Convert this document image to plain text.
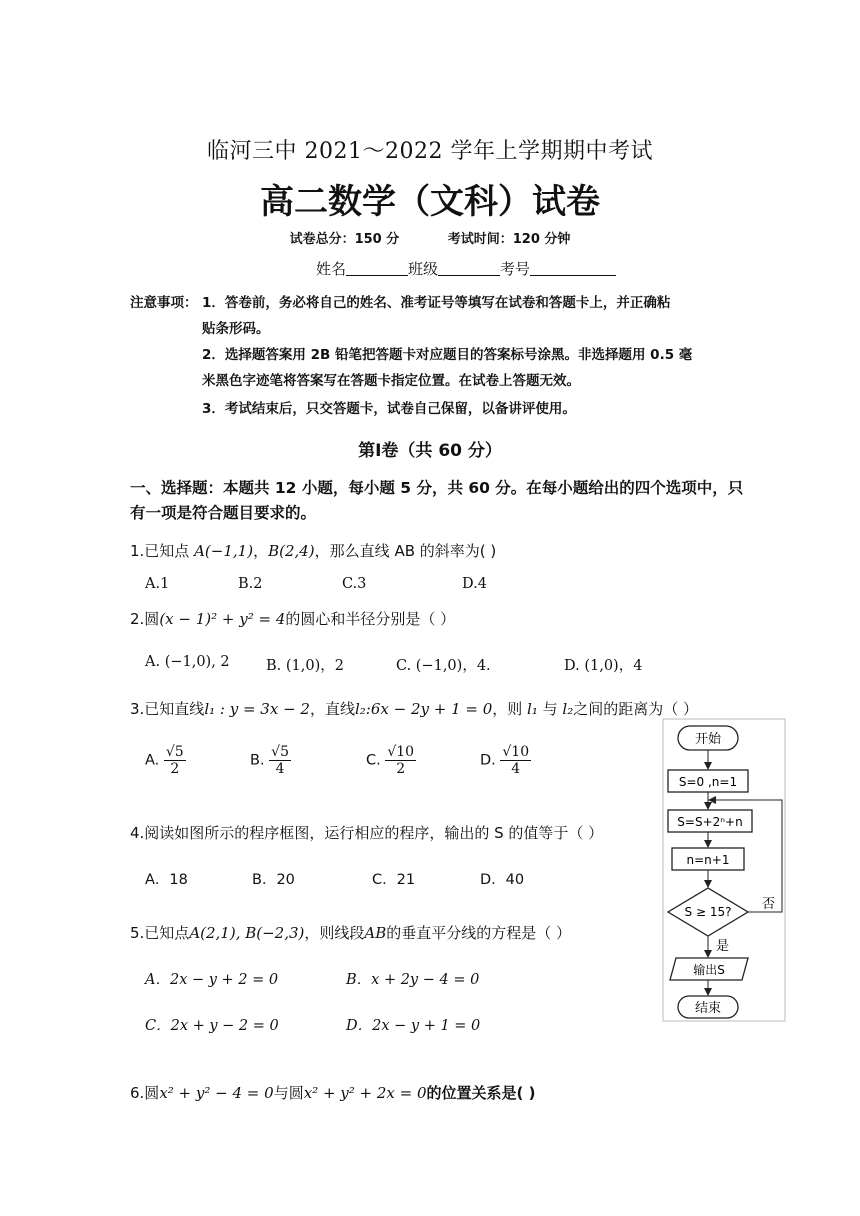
临河三中 2021～2022 学年上学期期中考试
高二数学（文科）试卷
试卷总分：150 分	考试时间：120 分钟
姓名	班级	考号
注意事项： 1．答卷前，务必将自己的姓名、准考证号等填写在试卷和答题卡上，并正确粘
贴条形码。
2．选择题答案用 2B 铅笔把答题卡对应题目的答案标号涂黑。非选择题用 0.5 毫
米黑色字迹笔将答案写在答题卡指定位置。在试卷上答题无效。
3．考试结束后，只交答题卡，试卷自己保留，以备讲评使用。
第Ⅰ卷（共 60 分）
一、选择题：本题共 12 小题，每小题 5 分，共 60 分。在每小题给出的四个选项中，只有一项是符合题目要求的。
1.已知点 A(−1,1)，B(2,4)，那么直线 AB 的斜率为( )
A.1	B.2	C.3	D.4
2.圆(x − 1)² + y² = 4的圆心和半径分别是（ ）
A. (−1,0), 2	B. (1,0)，2	C. (−1,0)，4.	D. (1,0)，4
3.已知直线l₁ : y = 3x − 2，直线l₂:6x − 2y + 1 = 0，则 l₁ 与 l₂之间的距离为（ ）
A. $\frac{√5}{2}$	B. $\frac{√5}{4}$	C. $\frac{√10}{2}$	D. $\frac{√10}{4}$
4.阅读如图所示的程序框图，运行相应的程序，输出的 S 的值等于（ ）
A．18	B．20	C．21	D．40
5.已知点A(2,1), B(−2,3)，则线段AB的垂直平分线的方程是（ ）
A．2x − y + 2 = 0	B．x + 2y − 4 = 0
C．2x + y − 2 = 0	D．2x − y + 1 = 0
6.圆x² + y² − 4 = 0与圆x² + y² + 2x = 0的位置关系是( )
开始
S=0 ,n=1
S=S+2ⁿ+n
n=n+1
S ≥ 15? 否
是
输出S
结束
